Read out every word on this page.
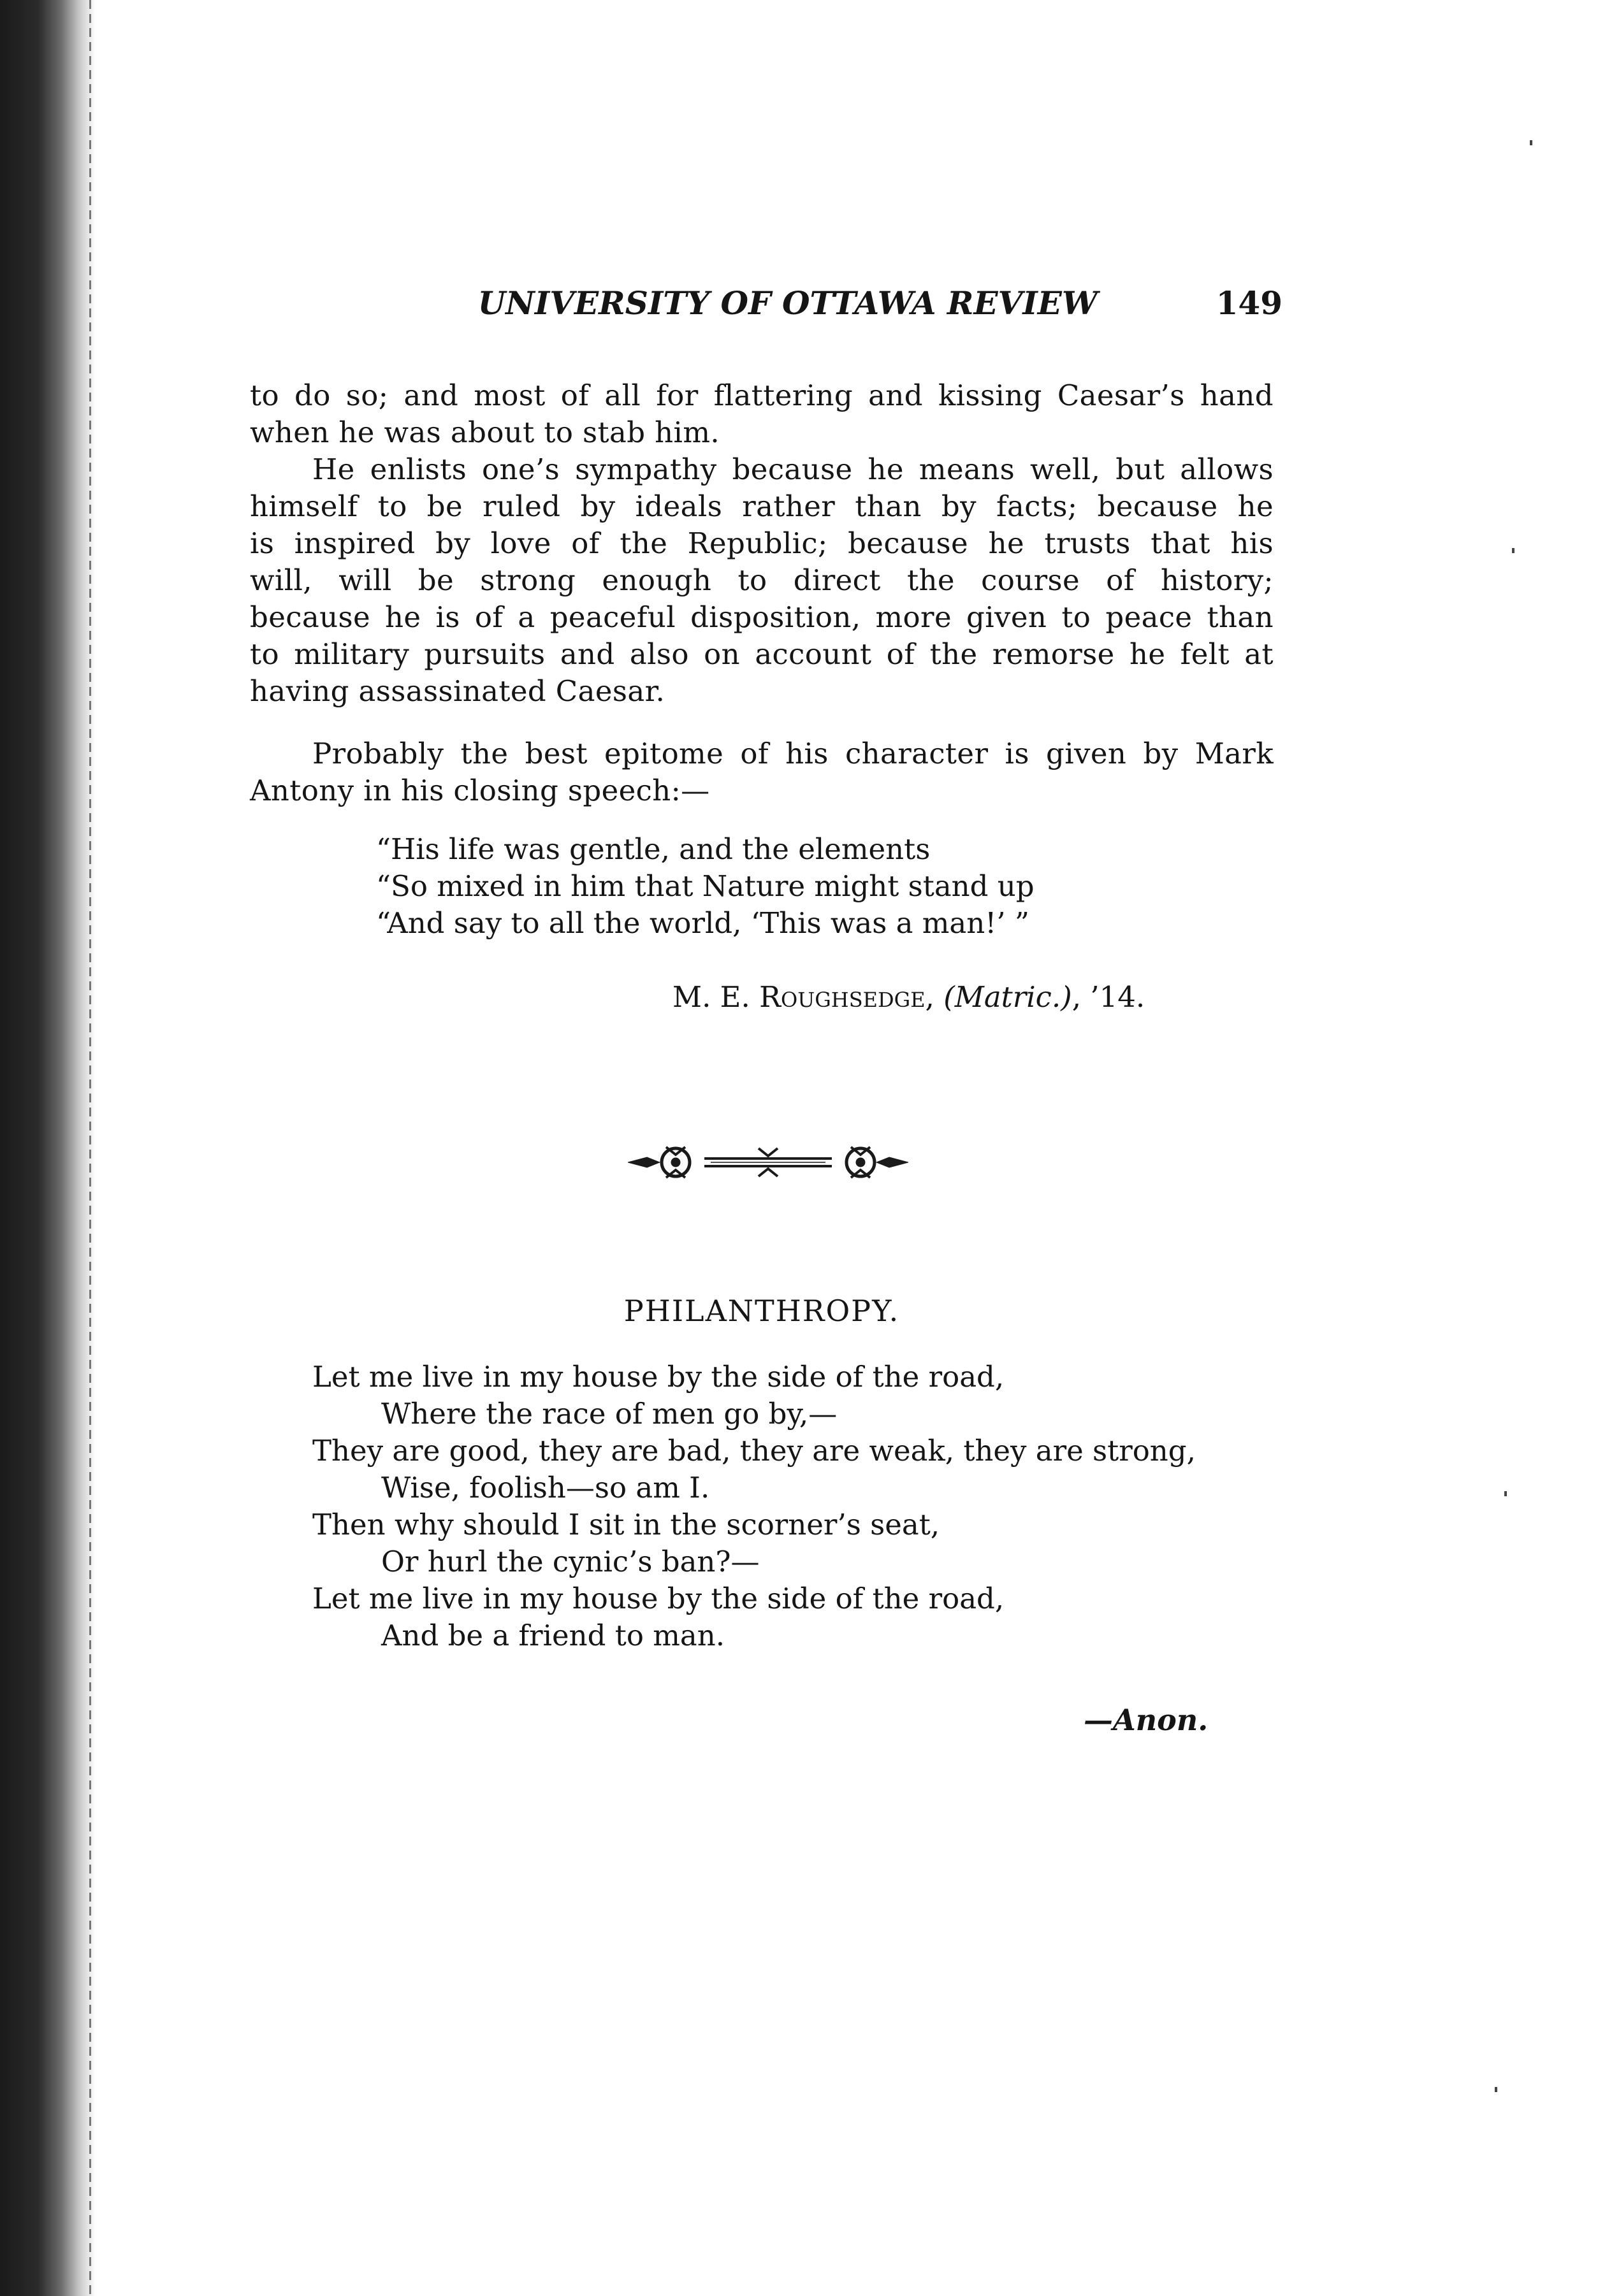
UNIVERSITY OF OTTAWA REVIEW	149
to do so; and most of all for flattering and kissing Caesar’s hand
when he was about to stab him.
He enlists one’s sympathy because he means well, but allows
himself to be ruled by ideals rather than by facts; because he
is inspired by love of the Republic; because he trusts that his
will, will be strong enough to direct the course of history;
because he is of a peaceful disposition, more given to peace than
to military pursuits and also on account of the remorse he felt at
having assassinated Caesar.
Probably the best epitome of his character is given by Mark
Antony in his closing speech:—
“His life was gentle, and the elements
“So mixed in him that Nature might stand up
“And say to all the world, ‘This was a man!’ ”
M. E. Roughsedge, (Matric.), ’14.
PHILANTHROPY.
Let me live in my house by the side of the road,
Where the race of men go by,—
They are good, they are bad, they are weak, they are strong,
Wise, foolish—so am I.
Then why should I sit in the scorner’s seat,
Or hurl the cynic’s ban?—
Let me live in my house by the side of the road,
And be a friend to man.
—Anon.
